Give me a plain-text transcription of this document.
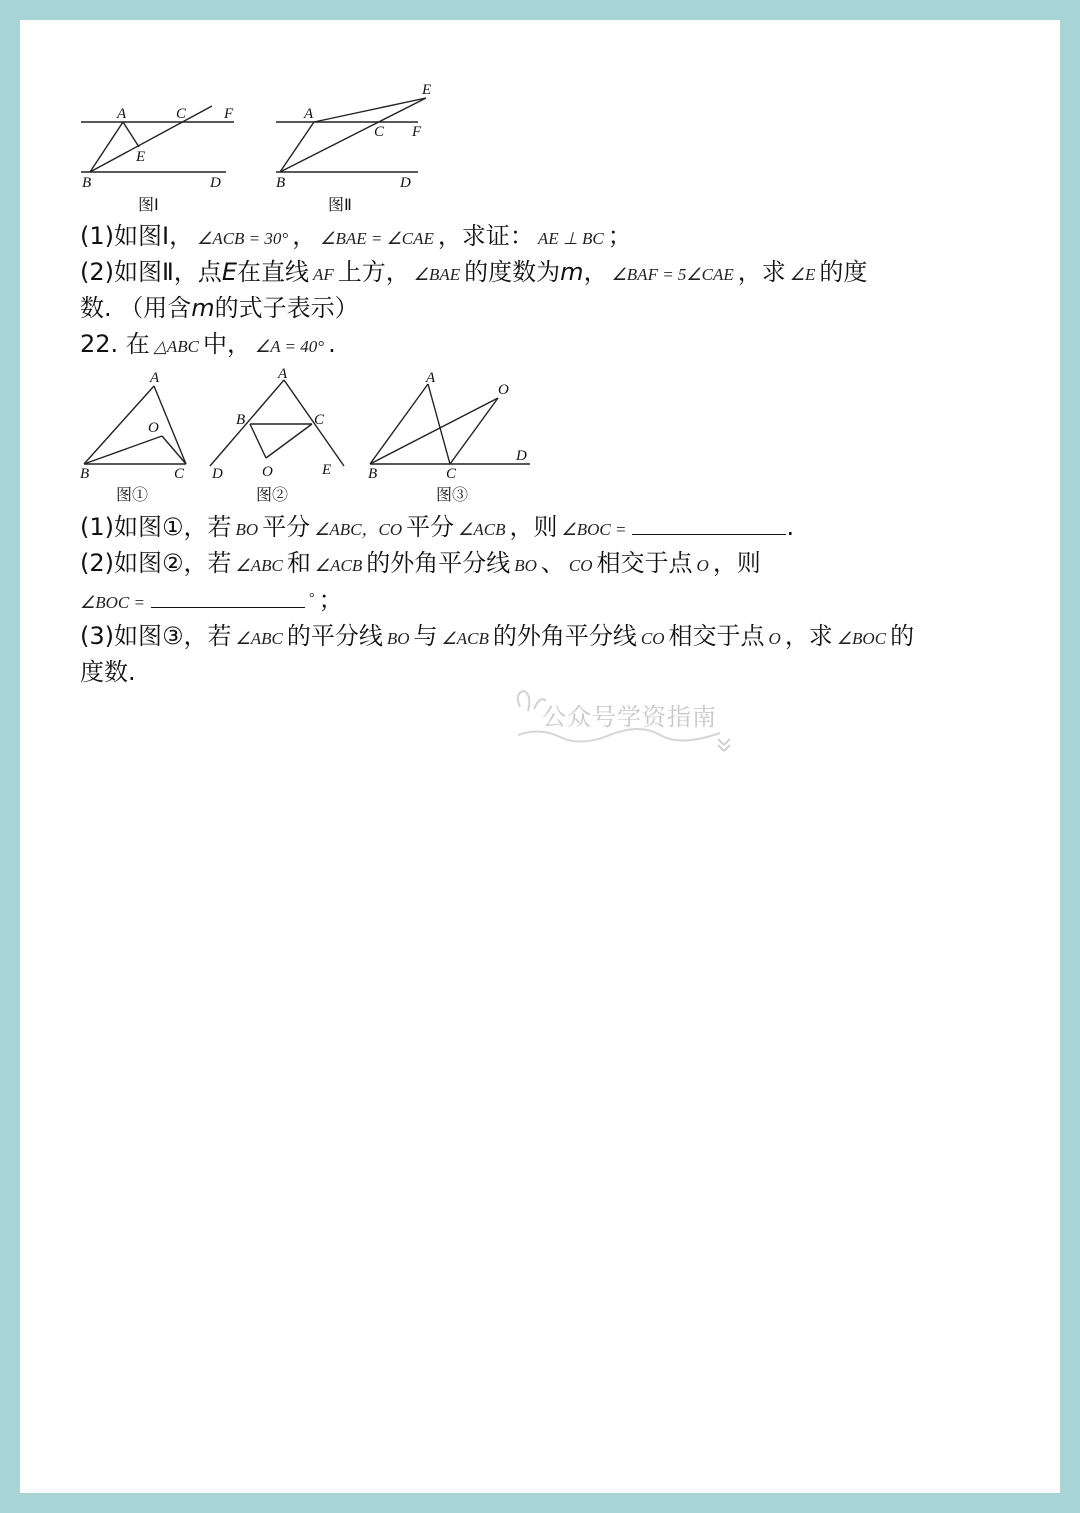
A	C	F
E
B	D
图Ⅰ
A
E
C F
B	D
图Ⅱ
(1)如图Ⅰ， ∠ACB = 30° ， ∠BAE = ∠CAE ，求证： AE ⊥ BC ；
(2)如图Ⅱ，点E在直线 AF 上方， ∠BAE 的度数为m， ∠BAF = 5∠CAE ，求 ∠E 的度
数. （用含m的式子表示）
22. 在 △ABC 中， ∠A = 40° .
A
O
B	C
图①
A
B	C
D	O	E
图②
A
O
B	C
D
图③
(1)如图①，若 BO 平分 ∠ABC，CO 平分 ∠ACB ，则 ∠BOC =	.
(2)如图②，若 ∠ABC 和 ∠ACB 的外角平分线 BO 、 CO 相交于点 O ，则
∠BOC =	° ；
(3)如图③，若 ∠ABC 的平分线 BO 与 ∠ACB 的外角平分线 CO 相交于点 O ，求 ∠BOC 的
度数.
公众号学资指南
